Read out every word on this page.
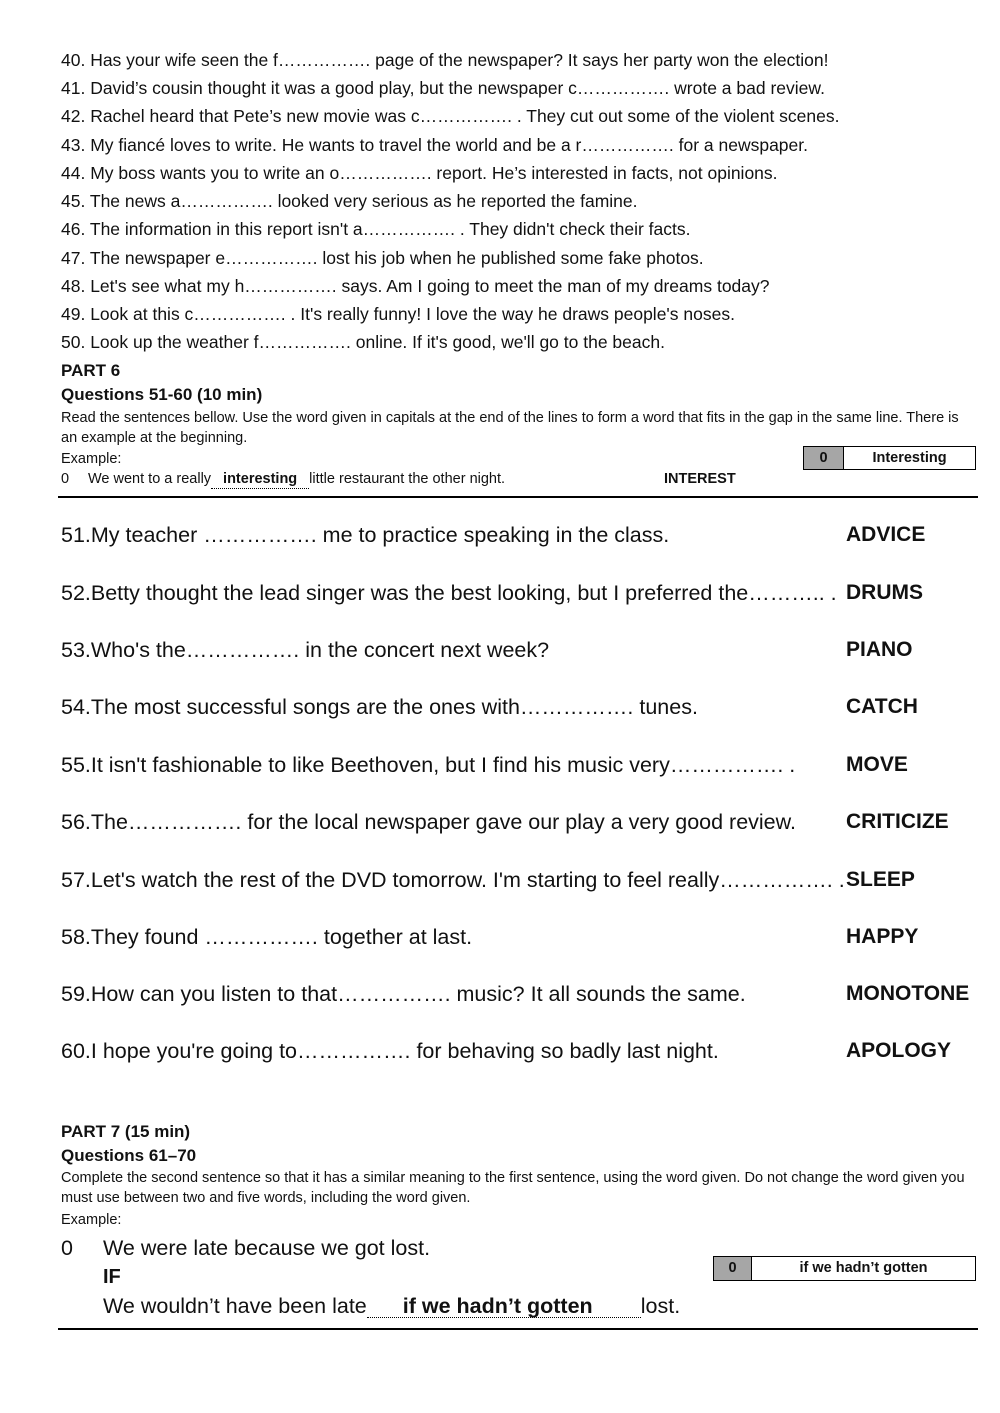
40. Has your wife seen the f……………. page of the newspaper? It says her party won the election!
41. David’s cousin thought it was a good play, but the newspaper c……………. wrote a bad review.
42. Rachel heard that Pete’s new movie was c……………. . They cut out some of the violent scenes.
43. My fiancé loves to write. He wants to travel the world and be a r……………. for a newspaper.
44. My boss wants you to write an o……………. report. He’s interested in facts, not opinions.
45. The news a……………. looked very serious as he reported the famine.
46. The information in this report isn't a……………. . They didn't check their facts.
47. The newspaper e……………. lost his job when he published some fake photos.
48. Let's see what my h……………. says. Am I going to meet the man of my dreams today?
49. Look at this c……………. . It's really funny! I love the way he draws people's noses.
50. Look up the weather f……………. online. If it's good, we'll go to the beach.
PART 6
Questions 51-60 (10 min)
Read the sentences bellow. Use the word given in capitals at the end of the lines to form a word that fits in the gap in the same line. There is an example at the beginning.
Example:
0 We went to a really interesting little restaurant the other night.	INTEREST
0	Interesting
51.My teacher ……………. me to practice speaking in the class.	ADVICE
52.Betty thought the lead singer was the best looking, but I preferred the……….. . DRUMS
53.Who's the……………. in the concert next week?	PIANO
54.The most successful songs are the ones with……………. tunes.	CATCH
55.It isn't fashionable to like Beethoven, but I find his music very……………. . MOVE
56.The……………. for the local newspaper gave our play a very good review. CRITICIZE
57.Let's watch the rest of the DVD tomorrow. I'm starting to feel really……………. . SLEEP
58.They found ……………. together at last.	HAPPY
59.How can you listen to that……………. music? It all sounds the same.	MONOTONE
60.I hope you're going to……………. for behaving so badly last night.	APOLOGY
PART 7 (15 min)
Questions 61–70
Complete the second sentence so that it has a similar meaning to the first sentence, using the word given. Do not change the word given you must use between two and five words, including the word given.
Example:
0 We were late because we got lost.
IF
We wouldn’t have been late if we hadn’t gotten lost.
0	if we hadn’t gotten
